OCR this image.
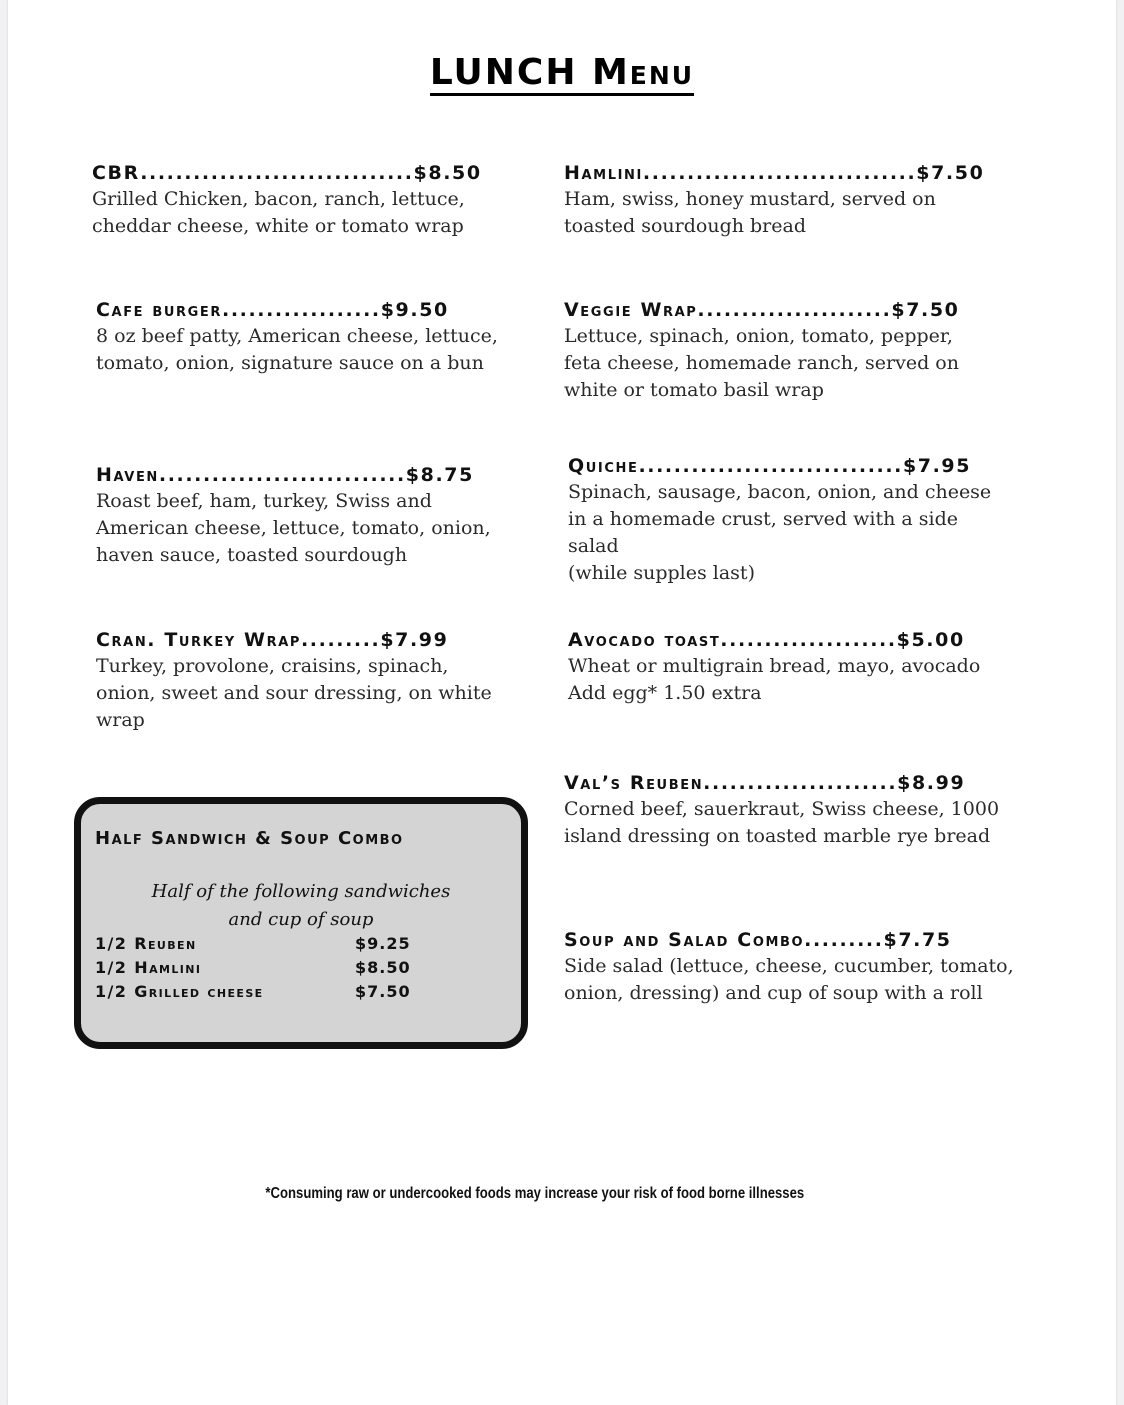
LUNCH Menu
CBR...............................$8.50
Grilled Chicken, bacon, ranch, lettuce,
cheddar cheese, white or tomato wrap
Cafe burger..................$9.50
8 oz beef patty, American cheese, lettuce,
tomato, onion, signature sauce on a bun
Haven............................$8.75
Roast beef, ham, turkey, Swiss and
American cheese, lettuce, tomato, onion,
haven sauce, toasted sourdough
Cran. Turkey Wrap.........$7.99
Turkey, provolone, craisins, spinach,
onion, sweet and sour dressing, on white
wrap
Hamlini...............................$7.50
Ham, swiss, honey mustard, served on
toasted sourdough bread
Veggie Wrap......................$7.50
Lettuce, spinach, onion, tomato, pepper,
feta cheese, homemade ranch, served on
white or tomato basil wrap
Quiche..............................$7.95
Spinach, sausage, bacon, onion, and cheese
in a homemade crust, served with a side
salad
(while supples last)
Avocado toast....................$5.00
Wheat or multigrain bread, mayo, avocado
Add egg* 1.50 extra
Val’s Reuben......................$8.99
Corned beef, sauerkraut, Swiss cheese, 1000
island dressing on toasted marble rye bread
Soup and Salad Combo.........$7.75
Side salad (lettuce, cheese, cucumber, tomato,
onion, dressing) and cup of soup with a roll
Half Sandwich & Soup Combo
Half of the following sandwiches
and cup of soup
1/2 Reuben	$9.25
1/2 Hamlini	$8.50
1/2 Grilled cheese	$7.50
*Consuming raw or undercooked foods may increase your risk of food borne illnesses
